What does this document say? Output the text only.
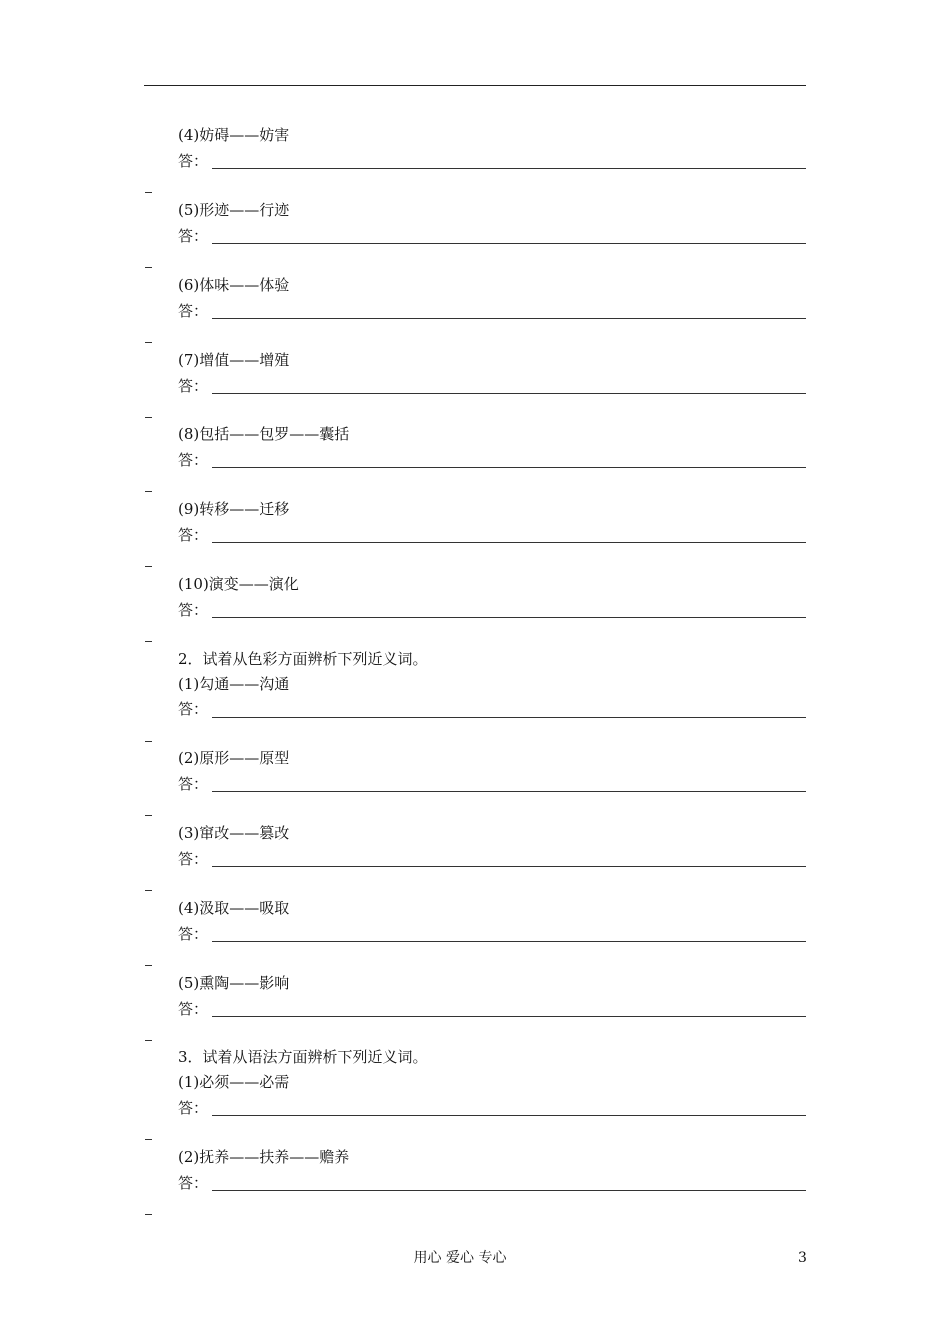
(4)妨碍——妨害
答：
(5)形迹——行迹
答：
(6)体味——体验
答：
(7)增值——增殖
答：
(8)包括——包罗——囊括
答：
(9)转移——迁移
答：
(10)演变——演化
答：
2．试着从色彩方面辨析下列近义词。
(1)勾通——沟通
答：
(2)原形——原型
答：
(3)窜改——篡改
答：
(4)汲取——吸取
答：
(5)熏陶——影响
答：
3．试着从语法方面辨析下列近义词。
(1)必须——必需
答：
(2)抚养——扶养——赡养
答：
用心 爱心 专心	3
